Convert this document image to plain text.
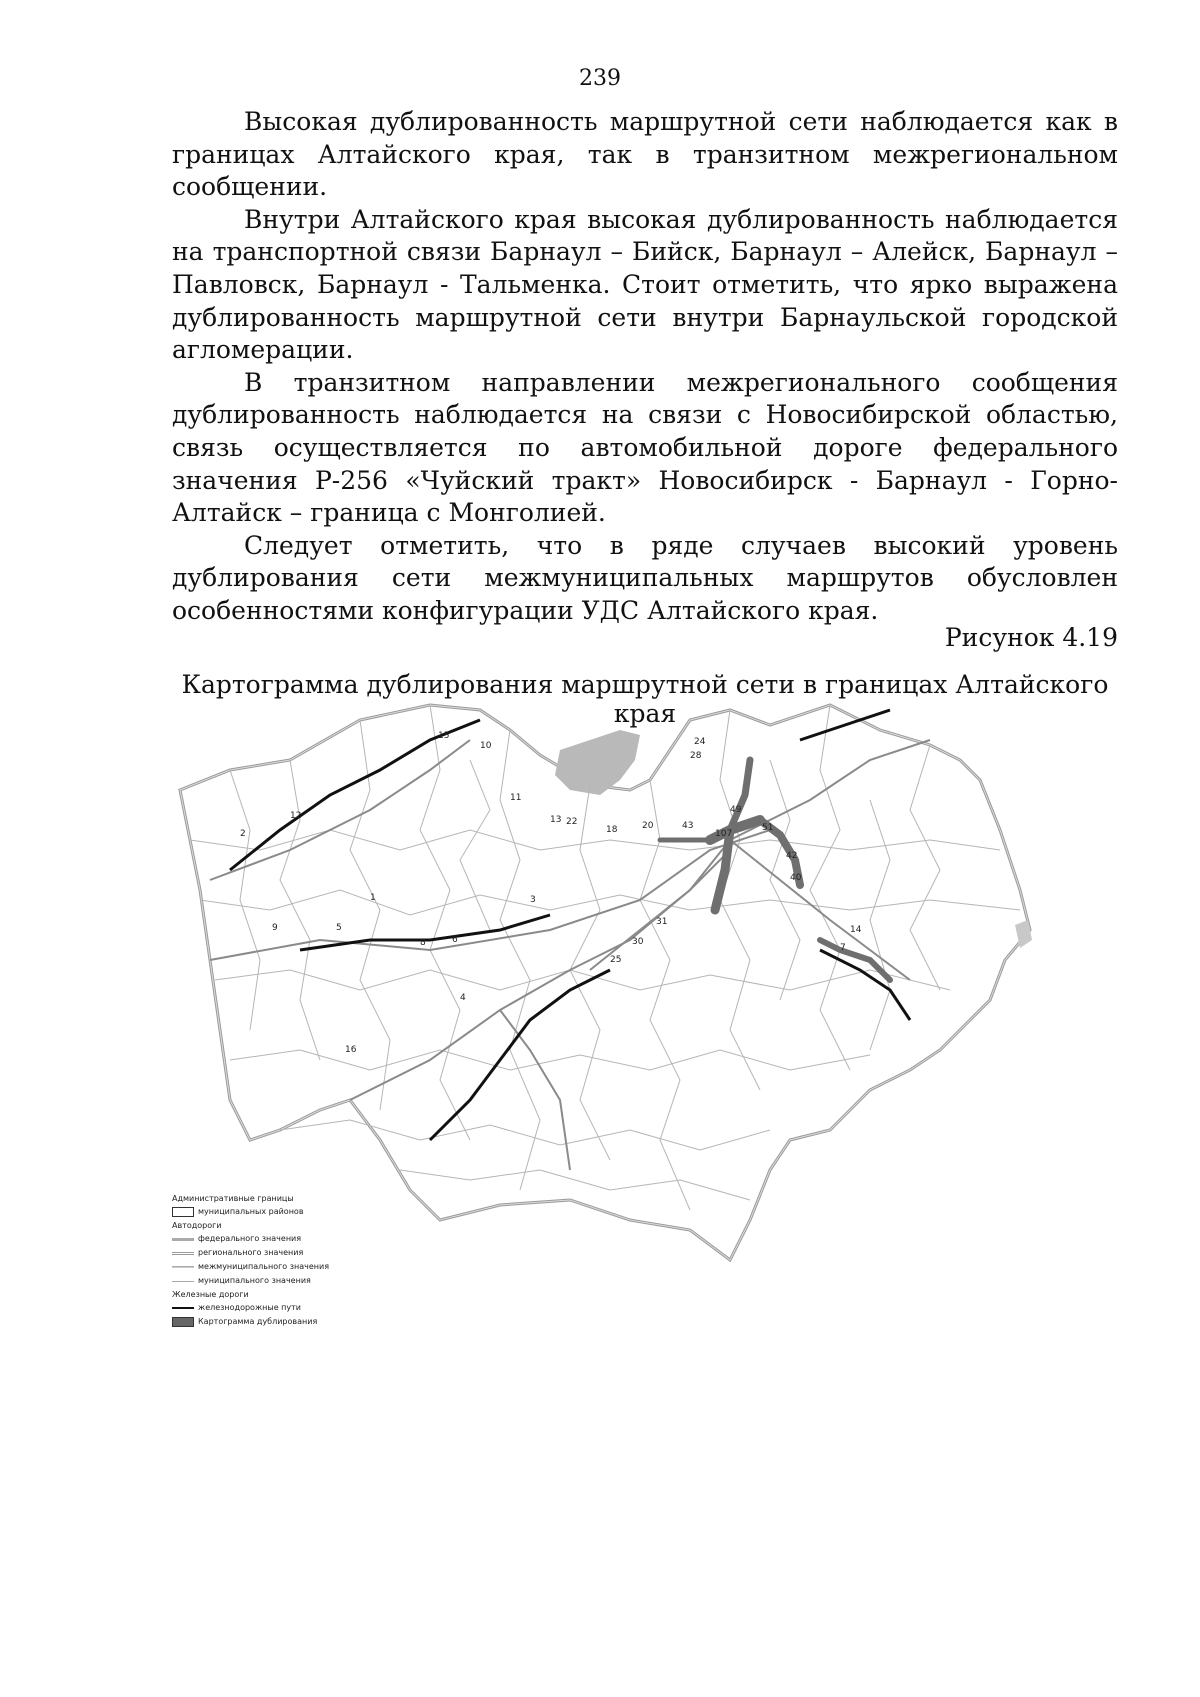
239

Высокая дублированность маршрутной сети наблюдается как в границах Алтайского края, так в транзитном межрегиональном сообщении.

Внутри Алтайского края высокая дублированность наблюдается на транспортной связи Барнаул – Бийск, Барнаул – Алейск, Барнаул – Павловск, Барнаул - Тальменка. Стоит отметить, что ярко выражена дублированность маршрутной сети внутри Барнаульской городской агломерации.

В транзитном направлении межрегионального сообщения дублированность наблюдается на связи с Новосибирской областью, связь осуществляется по автомобильной дороге федерального значения Р-256 «Чуйский тракт» Новосибирск - Барнаул - Горно-Алтайск – граница с Монголией.

Следует отметить, что в ряде случаев высокий уровень дублирования сети межмуниципальных маршрутов обусловлен особенностями конфигурации УДС Алтайского края.

Рисунок 4.19
Картограмма дублирования маршрутной сети в границах Алтайского края
15
13
10
28
49
43
107
51
42
40
30
25
12
8
16
9
6
5
3
2
1
20
18
11
4
7
14
22
31
24
Административные границы
муниципальных районов
Автодороги
федерального значения
регионального значения
межмуниципального значения
муниципального значения
Железные дороги
железнодорожные пути
Картограмма дублирования
